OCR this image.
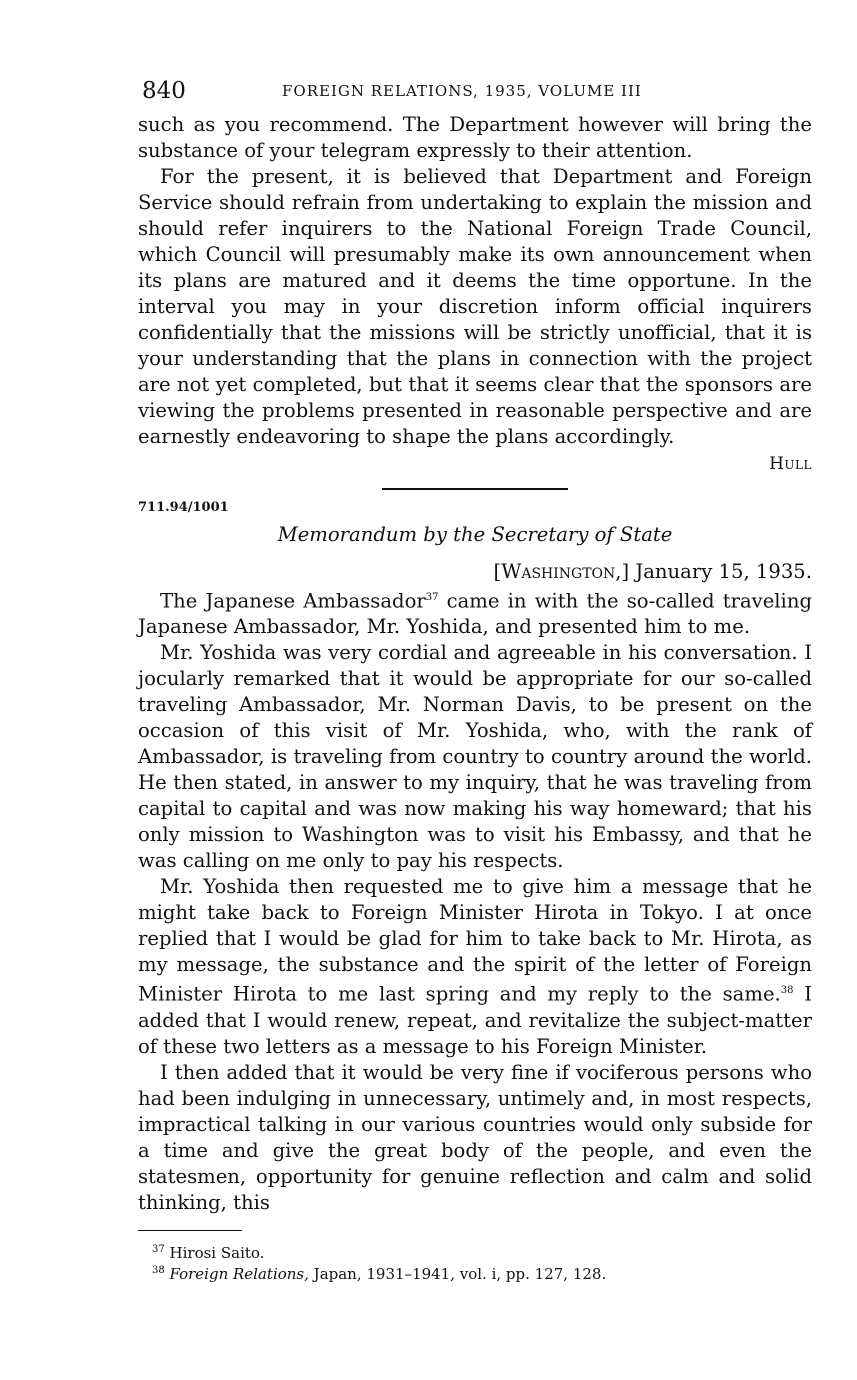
840	FOREIGN RELATIONS, 1935, VOLUME III

such as you recommend. The Department however will bring the substance of your telegram expressly to their attention.

For the present, it is believed that Department and Foreign Service should refrain from undertaking to explain the mission and should refer inquirers to the National Foreign Trade Council, which Council will presumably make its own announcement when its plans are matured and it deems the time opportune. In the interval you may in your discretion inform official inquirers confidentially that the missions will be strictly unofficial, that it is your understanding that the plans in connection with the project are not yet completed, but that it seems clear that the sponsors are viewing the problems presented in reasonable perspective and are earnestly endeavoring to shape the plans accordingly.

Hull
711.94/1001
Memorandum by the Secretary of State
[Washington,] January 15, 1935.

The Japanese Ambassador$^{37}$ came in with the so-called traveling Japanese Ambassador, Mr. Yoshida, and presented him to me.

Mr. Yoshida was very cordial and agreeable in his conversation. I jocularly remarked that it would be appropriate for our so-called traveling Ambassador, Mr. Norman Davis, to be present on the occasion of this visit of Mr. Yoshida, who, with the rank of Ambassador, is traveling from country to country around the world. He then stated, in answer to my inquiry, that he was traveling from capital to capital and was now making his way homeward; that his only mission to Washington was to visit his Embassy, and that he was calling on me only to pay his respects.

Mr. Yoshida then requested me to give him a message that he might take back to Foreign Minister Hirota in Tokyo. I at once replied that I would be glad for him to take back to Mr. Hirota, as my message, the substance and the spirit of the letter of Foreign Minister Hirota to me last spring and my reply to the same.$^{38}$ I added that I would renew, repeat, and revitalize the subject-matter of these two letters as a message to his Foreign Minister.

I then added that it would be very fine if vociferous persons who had been indulging in unnecessary, untimely and, in most respects, impractical talking in our various countries would only subside for a time and give the great body of the people, and even the statesmen, opportunity for genuine reflection and calm and solid thinking, this

$^{37}$ Hirosi Saito.
$^{38}$ Foreign Relations, Japan, 1931–1941, vol. i, pp. 127, 128.
